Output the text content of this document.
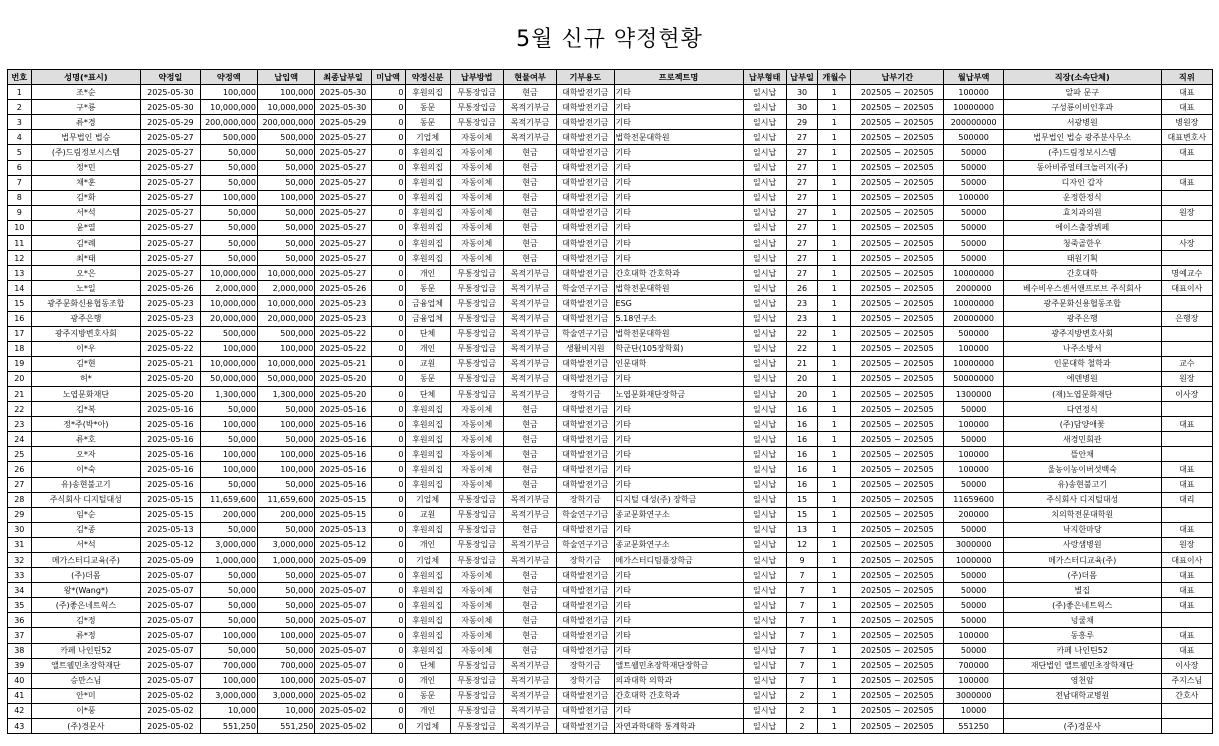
5월 신규 약정현황
번호	성명(*표시)	약정일	약정액	납입액	최종납부일	미납액	약정신분	납부방법	현물여부	기부용도	프로젝트명	납부형태	납부일	개월수	납부기간	월납부액	직장(소속단체)	직위
1	조*순	2025-05-30	100,000	100,000	2025-05-30	0	후원의집	무통장입금	현금	대학발전기금	기타	일시납	30	1	202505 ~ 202505	100000	알파 문구	대표
2	구*룡	2025-05-30	10,000,000	10,000,000	2025-05-30	0	동문	무통장입금	목적기부금	대학발전기금	기타	일시납	30	1	202505 ~ 202505	10000000	구성룡이비인후과	대표
3	류*경	2025-05-29	200,000,000	200,000,000	2025-05-29	0	동문	무통장입금	목적기부금	대학발전기금	기타	일시납	29	1	202505 ~ 202505	200000000	서광병원	병원장
4	법무법인 법승	2025-05-27	500,000	500,000	2025-05-27	0	기업체	자동이체	목적기부금	대학발전기금	법학전문대학원	일시납	27	1	202505 ~ 202505	500000	법무법인 법승 광주분사무소	대표변호사
5	(주)드림정보시스템	2025-05-27	50,000	50,000	2025-05-27	0	후원의집	자동이체	현금	대학발전기금	기타	일시납	27	1	202505 ~ 202505	50000	(주)드림정보시스템	대표
6	정*민	2025-05-27	50,000	50,000	2025-05-27	0	후원의집	자동이체	현금	대학발전기금	기타	일시납	27	1	202505 ~ 202505	50000	동아비쥬얼테크놀러지(주)	
7	채*훈	2025-05-27	50,000	50,000	2025-05-27	0	후원의집	자동이체	현금	대학발전기금	기타	일시납	27	1	202505 ~ 202505	50000	디자인 갑자	대표
8	김*화	2025-05-27	100,000	100,000	2025-05-27	0	후원의집	자동이체	현금	대학발전기금	기타	일시납	27	1	202505 ~ 202505	100000	운정한정식	
9	서*석	2025-05-27	50,000	50,000	2025-05-27	0	후원의집	자동이체	현금	대학발전기금	기타	일시납	27	1	202505 ~ 202505	50000	효치과의원	원장
10	윤*열	2025-05-27	50,000	50,000	2025-05-27	0	후원의집	자동이체	현금	대학발전기금	기타	일시납	27	1	202505 ~ 202505	50000	에이스출장뷔페	
11	김*례	2025-05-27	50,000	50,000	2025-05-27	0	후원의집	자동이체	현금	대학발전기금	기타	일시납	27	1	202505 ~ 202505	50000	청죽골한우	사장
12	최*태	2025-05-27	50,000	50,000	2025-05-27	0	후원의집	자동이체	현금	대학발전기금	기타	일시납	27	1	202505 ~ 202505	50000	태원기획	
13	오*은	2025-05-27	10,000,000	10,000,000	2025-05-27	0	개인	무통장입금	목적기부금	대학발전기금	간호대학 간호학과	일시납	27	1	202505 ~ 202505	10000000	간호대학	명예교수
14	노*일	2025-05-26	2,000,000	2,000,000	2025-05-26	0	동문	무통장입금	목적기부금	학술연구기금	법학전문대학원	일시납	26	1	202505 ~ 202505	2000000	베수비우스센서앤프로브 주식회사	대표이사
15	광주문화신용협동조합	2025-05-23	10,000,000	10,000,000	2025-05-23	0	금융업체	무통장입금	목적기부금	대학발전기금	ESG	일시납	23	1	202505 ~ 202505	10000000	광주문화신용협동조합	
16	광주은행	2025-05-23	20,000,000	20,000,000	2025-05-23	0	금융업체	무통장입금	목적기부금	대학발전기금	5.18연구소	일시납	23	1	202505 ~ 202505	20000000	광주은행	은행장
17	광주지방변호사회	2025-05-22	500,000	500,000	2025-05-22	0	단체	무통장입금	목적기부금	학술연구기금	법학전문대학원	일시납	22	1	202505 ~ 202505	500000	광주지방변호사회	
18	이*우	2025-05-22	100,000	100,000	2025-05-22	0	개인	무통장입금	목적기부금	생활비지원	학군단(105장학회)	일시납	22	1	202505 ~ 202505	100000	나주소방서	
19	김*현	2025-05-21	10,000,000	10,000,000	2025-05-21	0	교원	무통장입금	목적기부금	대학발전기금	인문대학	일시납	21	1	202505 ~ 202505	10000000	인문대학 철학과	교수
20	허*	2025-05-20	50,000,000	50,000,000	2025-05-20	0	동문	무통장입금	목적기부금	대학발전기금	기타	일시납	20	1	202505 ~ 202505	50000000	에덴병원	원장
21	노엽문화재단	2025-05-20	1,300,000	1,300,000	2025-05-20	0	단체	무통장입금	목적기부금	장학기금	노엽문화재단장학금	일시납	20	1	202505 ~ 202505	1300000	(재)노엽문화재단	이사장
22	김*복	2025-05-16	50,000	50,000	2025-05-16	0	후원의집	자동이체	현금	대학발전기금	기타	일시납	16	1	202505 ~ 202505	50000	다연정식	
23	정*주(박*아)	2025-05-16	100,000	100,000	2025-05-16	0	후원의집	자동이체	현금	대학발전기금	기타	일시납	16	1	202505 ~ 202505	100000	(주)담양애꽃	대표
24	류*호	2025-05-16	50,000	50,000	2025-05-16	0	후원의집	자동이체	현금	대학발전기금	기타	일시납	16	1	202505 ~ 202505	50000	새경민회관	
25	오*자	2025-05-16	100,000	100,000	2025-05-16	0	후원의집	자동이체	현금	대학발전기금	기타	일시납	16	1	202505 ~ 202505	100000	뜰안채	
26	이*숙	2025-05-16	100,000	100,000	2025-05-16	0	후원의집	자동이체	현금	대학발전기금	기타	일시납	16	1	202505 ~ 202505	100000	울농이농이버섯백숙	대표
27	유)송현불고기	2025-05-16	50,000	50,000	2025-05-16	0	후원의집	자동이체	현금	대학발전기금	기타	일시납	16	1	202505 ~ 202505	50000	유)송현불고기	대표
28	주식회사 디지털대성	2025-05-15	11,659,600	11,659,600	2025-05-15	0	기업체	무통장입금	목적기부금	장학기금	디지털 대성(주) 장학금	일시납	15	1	202505 ~ 202505	11659600	주식회사 디지털대성	대리
29	임*순	2025-05-15	200,000	200,000	2025-05-15	0	교원	무통장입금	목적기부금	학술연구기금	종교문화연구소	일시납	15	1	202505 ~ 202505	200000	치의학전문대학원	
30	김*종	2025-05-13	50,000	50,000	2025-05-13	0	후원의집	무통장입금	현금	대학발전기금	기타	일시납	13	1	202505 ~ 202505	50000	낙지한마당	대표
31	서*석	2025-05-12	3,000,000	3,000,000	2025-05-12	0	개인	무통장입금	목적기부금	학술연구기금	종교문화연구소	일시납	12	1	202505 ~ 202505	3000000	사랑샘병원	원장
32	메가스터디교육(주)	2025-05-09	1,000,000	1,000,000	2025-05-09	0	기업체	무통장입금	목적기부금	장학기금	메가스터디팀플장학금	일시납	9	1	202505 ~ 202505	1000000	메가스터디교육(주)	대표이사
33	(주)더몸	2025-05-07	50,000	50,000	2025-05-07	0	후원의집	자동이체	현금	대학발전기금	기타	일시납	7	1	202505 ~ 202505	50000	(주)더몸	대표
34	왕*(Wang*)	2025-05-07	50,000	50,000	2025-05-07	0	후원의집	자동이체	현금	대학발전기금	기타	일시납	7	1	202505 ~ 202505	50000	별집	대표
35	(주)좋은네트웍스	2025-05-07	50,000	50,000	2025-05-07	0	후원의집	자동이체	현금	대학발전기금	기타	일시납	7	1	202505 ~ 202505	50000	(주)좋은네트웍스	대표
36	김*정	2025-05-07	50,000	50,000	2025-05-07	0	후원의집	자동이체	현금	대학발전기금	기타	일시납	7	1	202505 ~ 202505	50000	넝쿨채	
37	류*정	2025-05-07	100,000	100,000	2025-05-07	0	후원의집	자동이체	현금	대학발전기금	기타	일시납	7	1	202505 ~ 202505	100000	동흥루	대표
38	카페 나인틴52	2025-05-07	50,000	50,000	2025-05-07	0	후원의집	자동이체	현금	대학발전기금	기타	일시납	7	1	202505 ~ 202505	50000	카페 나인틴52	대표
39	앨트웰민초장학재단	2025-05-07	700,000	700,000	2025-05-07	0	단체	무통장입금	목적기부금	장학기금	앨트웰민초장학재단장학금	일시납	7	1	202505 ~ 202505	700000	재단법인 앨트웰민초장학재단	이사장
40	승만스님	2025-05-07	100,000	100,000	2025-05-07	0	개인	무통장입금	목적기부금	장학기금	의과대학 의학과	일시납	7	1	202505 ~ 202505	100000	영천암	주지스님
41	안*미	2025-05-02	3,000,000	3,000,000	2025-05-02	0	동문	무통장입금	목적기부금	대학발전기금	간호대학 간호학과	일시납	2	1	202505 ~ 202505	3000000	전남대학교병원	간호사
42	이*풍	2025-05-02	10,000	10,000	2025-05-02	0	개인	무통장입금	목적기부금	대학발전기금	기타	일시납	2	1	202505 ~ 202505	10000		
43	(주)경문사	2025-05-02	551,250	551,250	2025-05-02	0	기업체	무통장입금	목적기부금	대학발전기금	자연과학대학 통계학과	일시납	2	1	202505 ~ 202505	551250	(주)경문사	
